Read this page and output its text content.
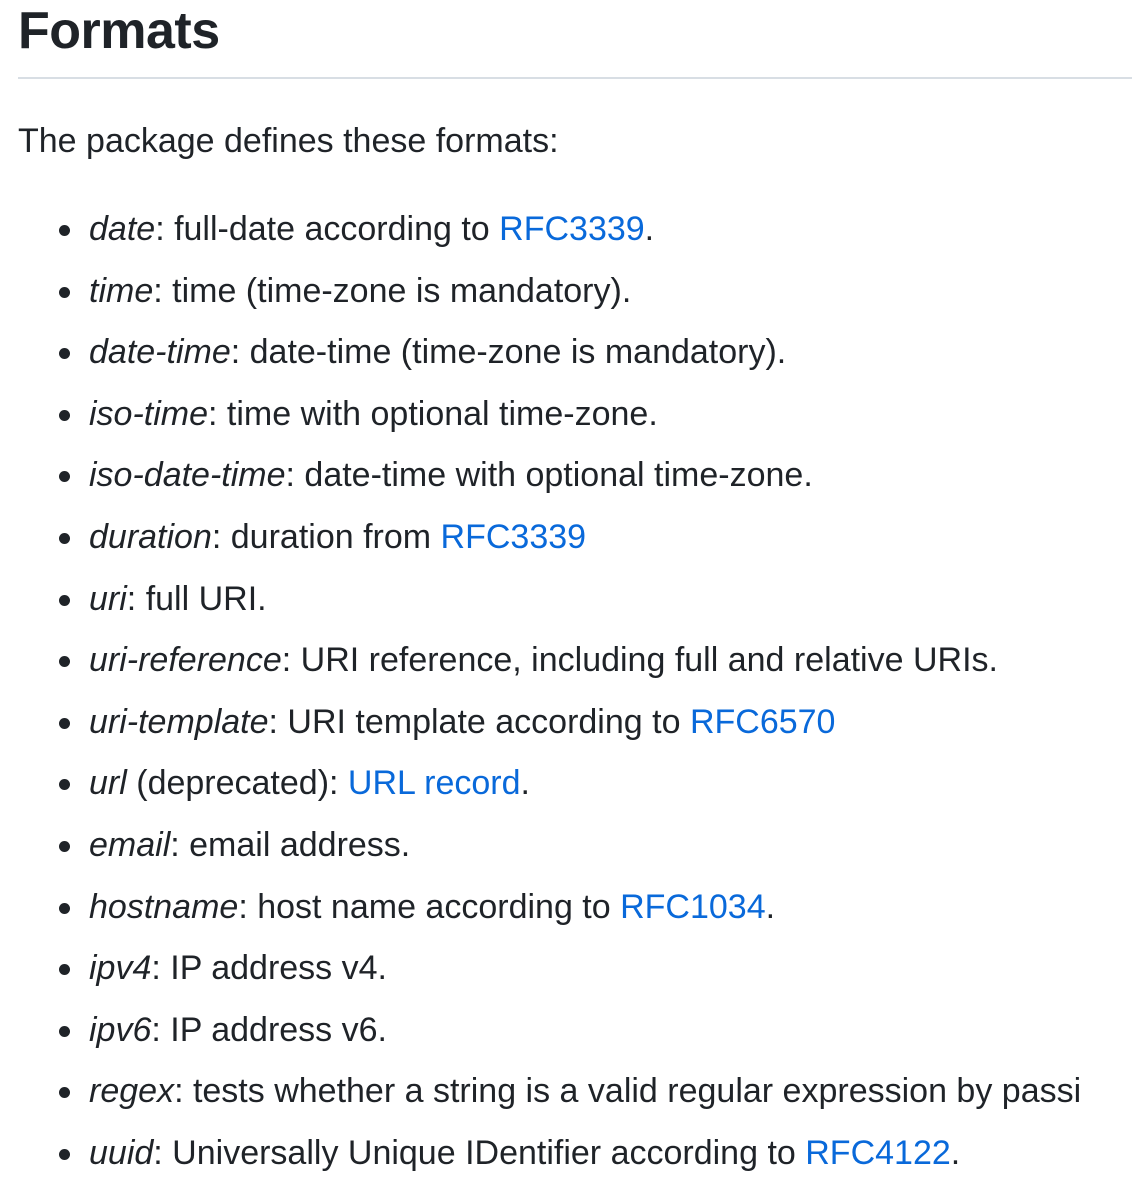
Formats

The package defines these formats:

date: full-date according to RFC3339.
time: time (time-zone is mandatory).
date-time: date-time (time-zone is mandatory).
iso-time: time with optional time-zone.
iso-date-time: date-time with optional time-zone.
duration: duration from RFC3339
uri: full URI.
uri-reference: URI reference, including full and relative URIs.
uri-template: URI template according to RFC6570
url (deprecated): URL record.
email: email address.
hostname: host name according to RFC1034.
ipv4: IP address v4.
ipv6: IP address v6.
regex: tests whether a string is a valid regular expression by passi
uuid: Universally Unique IDentifier according to RFC4122.
